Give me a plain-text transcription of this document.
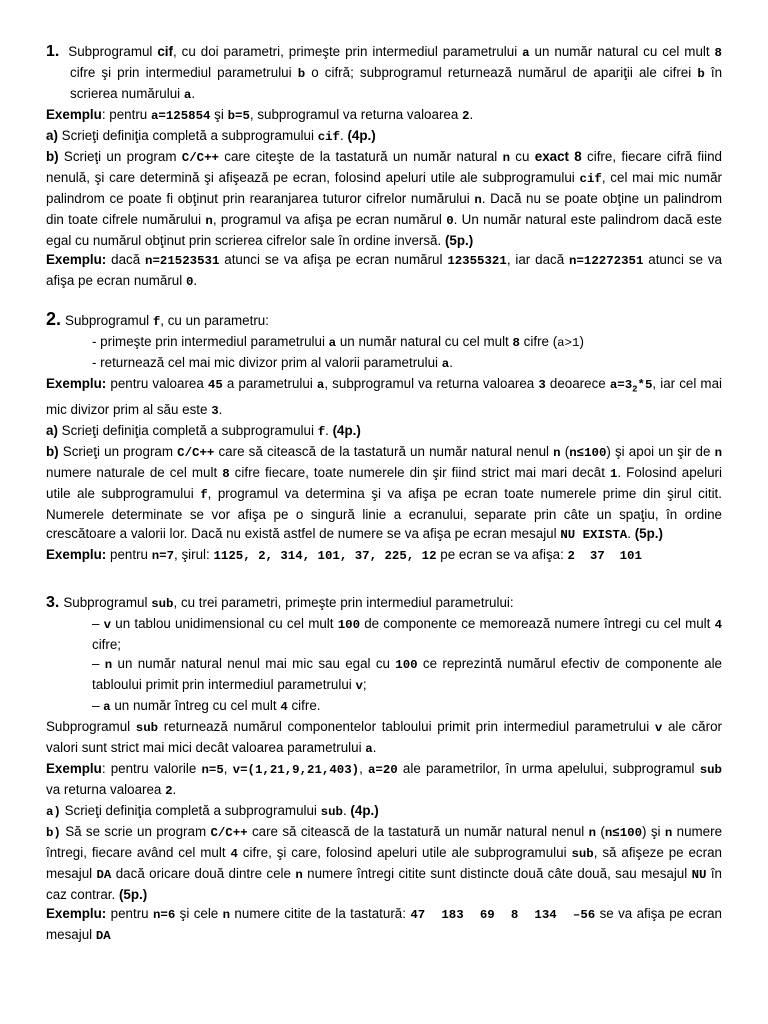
1. Subprogramul cif, cu doi parametri, primeşte prin intermediul parametrului a un număr natural cu cel mult 8 cifre şi prin intermediul parametrului b o cifră; subprogramul returnează numărul de apariţii ale cifrei b în scrierea numărului a.

Exemplu: pentru a=125854 şi b=5, subprogramul va returna valoarea 2.

a) Scrieţi definiţia completă a subprogramului cif. (4p.)

b) Scrieţi un program C/C++ care citeşte de la tastatură un număr natural n cu exact 8 cifre, fiecare cifră fiind nenulă, şi care determină şi afişează pe ecran, folosind apeluri utile ale subprogramului cif, cel mai mic număr palindrom ce poate fi obţinut prin rearanjarea tuturor cifrelor numărului n. Dacă nu se poate obţine un palindrom din toate cifrele numărului n, programul va afişa pe ecran numărul 0. Un număr natural este palindrom dacă este egal cu numărul obţinut prin scrierea cifrelor sale în ordine inversă. (5p.)

Exemplu: dacă n=21523531 atunci se va afişa pe ecran numărul 12355321, iar dacă n=12272351 atunci se va afişa pe ecran numărul 0.

2. Subprogramul f, cu un parametru:

- primeşte prin intermediul parametrului a un număr natural cu cel mult 8 cifre (a>1)

- returnează cel mai mic divizor prim al valorii parametrului a.

Exemplu: pentru valoarea 45 a parametrului a, subprogramul va returna valoarea 3 deoarece $a=3_2*5$, iar cel mai mic divizor prim al său este 3.

a) Scrieţi definiţia completă a subprogramului f. (4p.)

b) Scrieţi un program C/C++ care să citească de la tastatură un număr natural nenul n (n≤100) şi apoi un şir de n numere naturale de cel mult 8 cifre fiecare, toate numerele din şir fiind strict mai mari decât 1. Folosind apeluri utile ale subprogramului f, programul va determina şi va afişa pe ecran toate numerele prime din şirul citit. Numerele determinate se vor afişa pe o singură linie a ecranului, separate prin câte un spaţiu, în ordine crescătoare a valorii lor. Dacă nu există astfel de numere se va afişa pe ecran mesajul NU EXISTA. (5p.)

Exemplu: pentru n=7, şirul: 1125, 2, 314, 101, 37, 225, 12 pe ecran se va afişa: 2  37  101

3. Subprogramul sub, cu trei parametri, primeşte prin intermediul parametrului:

– v un tablou unidimensional cu cel mult 100 de componente ce memorează numere întregi cu cel mult 4 cifre;

– n un număr natural nenul mai mic sau egal cu 100 ce reprezintă numărul efectiv de componente ale tabloului primit prin intermediul parametrului v;

– a un număr întreg cu cel mult 4 cifre.

Subprogramul sub returnează numărul componentelor tabloului primit prin intermediul parametrului v ale căror valori sunt strict mai mici decât valoarea parametrului a.

Exemplu: pentru valorile n=5, v=(1,21,9,21,403), a=20 ale parametrilor, în urma apelului, subprogramul sub va returna valoarea 2.

a) Scrieţi definiţia completă a subprogramului sub. (4p.)

b) Să se scrie un program C/C++ care să citească de la tastatură un număr natural nenul n (n≤100) şi n numere întregi, fiecare având cel mult 4 cifre, şi care, folosind apeluri utile ale subprogramului sub, să afişeze pe ecran mesajul DA dacă oricare două dintre cele n numere întregi citite sunt distincte două câte două, sau mesajul NU în caz contrar. (5p.)

Exemplu: pentru n=6 şi cele n numere citite de la tastatură: 47  183  69  8  134  –56 se va afişa pe ecran mesajul DA
